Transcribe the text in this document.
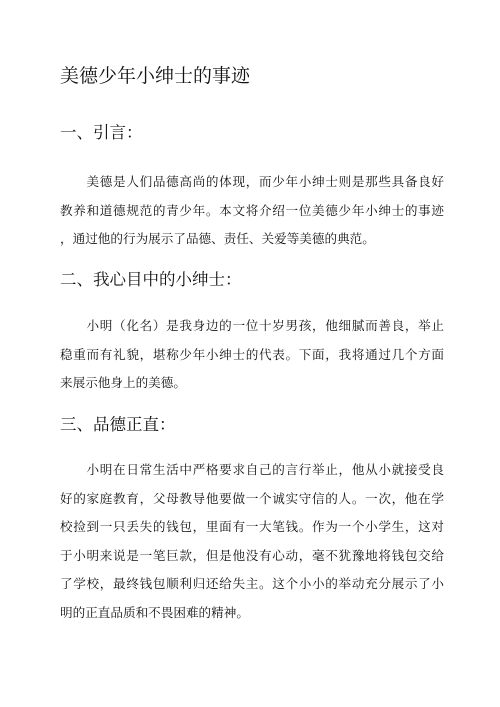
美德少年小绅士的事迹
一、引言：
　　美德是人们品德高尚的体现，而少年小绅士则是那些具备良好
教养和道德规范的青少年。本文将介绍一位美德少年小绅士的事迹
，通过他的行为展示了品德、责任、关爱等美德的典范。
二、我心目中的小绅士：
　　小明（化名）是我身边的一位十岁男孩，他细腻而善良，举止
稳重而有礼貌，堪称少年小绅士的代表。下面，我将通过几个方面
来展示他身上的美德。
三、品德正直：
　　小明在日常生活中严格要求自己的言行举止，他从小就接受良
好的家庭教育，父母教导他要做一个诚实守信的人。一次，他在学
校捡到一只丢失的钱包，里面有一大笔钱。作为一个小学生，这对
于小明来说是一笔巨款，但是他没有心动，毫不犹豫地将钱包交给
了学校，最终钱包顺利归还给失主。这个小小的举动充分展示了小
明的正直品质和不畏困难的精神。
